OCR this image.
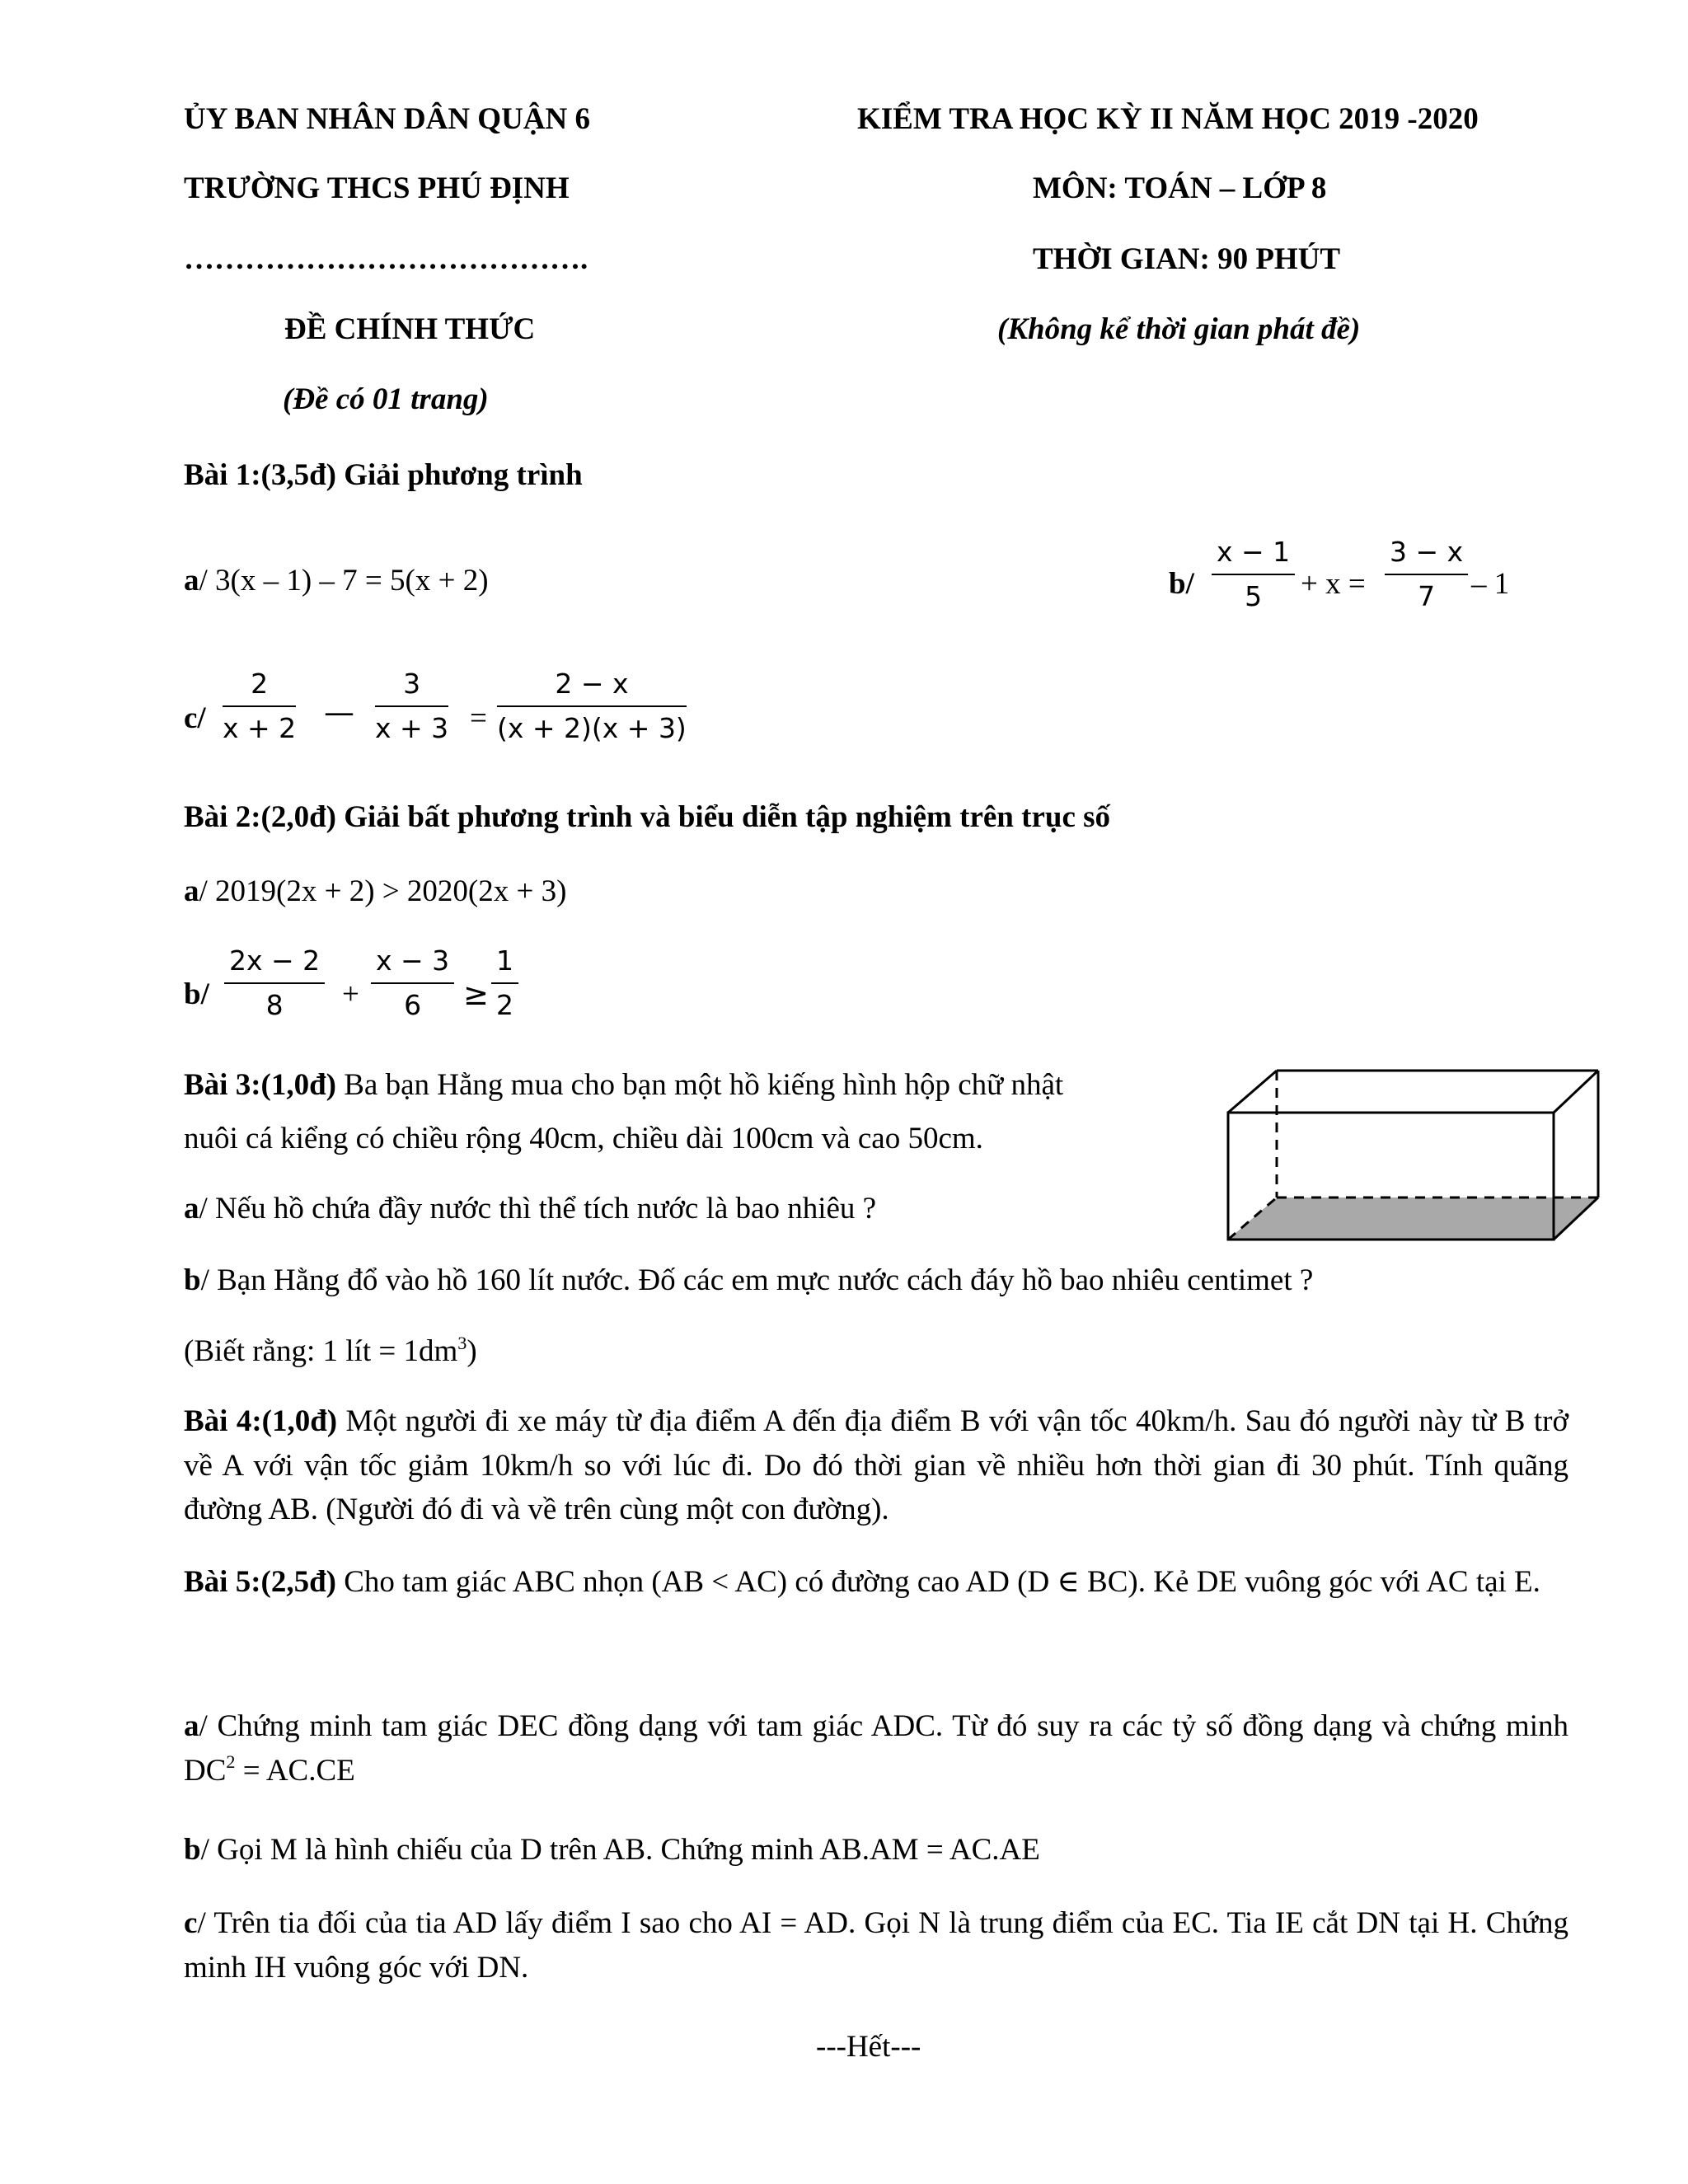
ỦY BAN NHÂN DÂN QUẬN 6
TRƯỜNG THCS PHÚ ĐỊNH
………………………………….
ĐỀ CHÍNH THỨC
(Đề có 01 trang)
KIỂM TRA HỌC KỲ II NĂM HỌC 2019 -2020
MÔN: TOÁN – LỚP 8
THỜI GIAN: 90 PHÚT
(Không kể thời gian phát đề)
Bài 1:(3,5đ) Giải phương trình
a/ 3(x – 1) – 7 = 5(x + 2)	$b/ \frac{x - 1}{5} + x = \frac{3 - x}{7} - 1$
$c/ \frac{2}{x + 2}$ — $\frac{3}{x + 3} = \frac{2 - x}{(x + 2)(x + 3)}$
Bài 2:(2,0đ) Giải bất phương trình và biểu diễn tập nghiệm trên trục số
a/ 2019(2x + 2) > 2020(2x + 3)
$b/ \frac{2x - 2}{8} + \frac{x - 3}{6} \ge \frac{1}{2}$
Bài 3:(1,0đ) Ba bạn Hằng mua cho bạn một hồ kiếng hình hộp chữ nhật
nuôi cá kiểng có chiều rộng 40cm, chiều dài 100cm và cao 50cm.
a/ Nếu hồ chứa đầy nước thì thể tích nước là bao nhiêu ?
b/ Bạn Hằng đổ vào hồ 160 lít nước. Đố các em mực nước cách đáy hồ bao nhiêu centimet ?
(Biết rằng: 1 lít = $1dm^3$)
Bài 4:(1,0đ) Một người đi xe máy từ địa điểm A đến địa điểm B với vận tốc 40km/h. Sau đó người này từ B trở về A với vận tốc giảm 10km/h so với lúc đi. Do đó thời gian về nhiều hơn thời gian đi 30 phút. Tính quãng đường AB. (Người đó đi và về trên cùng một con đường).
Bài 5:(2,5đ) Cho tam giác ABC nhọn (AB < AC) có đường cao AD (D ∈ BC). Kẻ DE vuông góc với AC tại E.
a/ Chứng minh tam giác DEC đồng dạng với tam giác ADC. Từ đó suy ra các tỷ số đồng dạng và chứng minh $DC^2 = AC.CE$
b/ Gọi M là hình chiếu của D trên AB. Chứng minh AB.AM = AC.AE
c/ Trên tia đối của tia AD lấy điểm I sao cho AI = AD. Gọi N là trung điểm của EC. Tia IE cắt DN tại H. Chứng minh IH vuông góc với DN.
---Hết---
